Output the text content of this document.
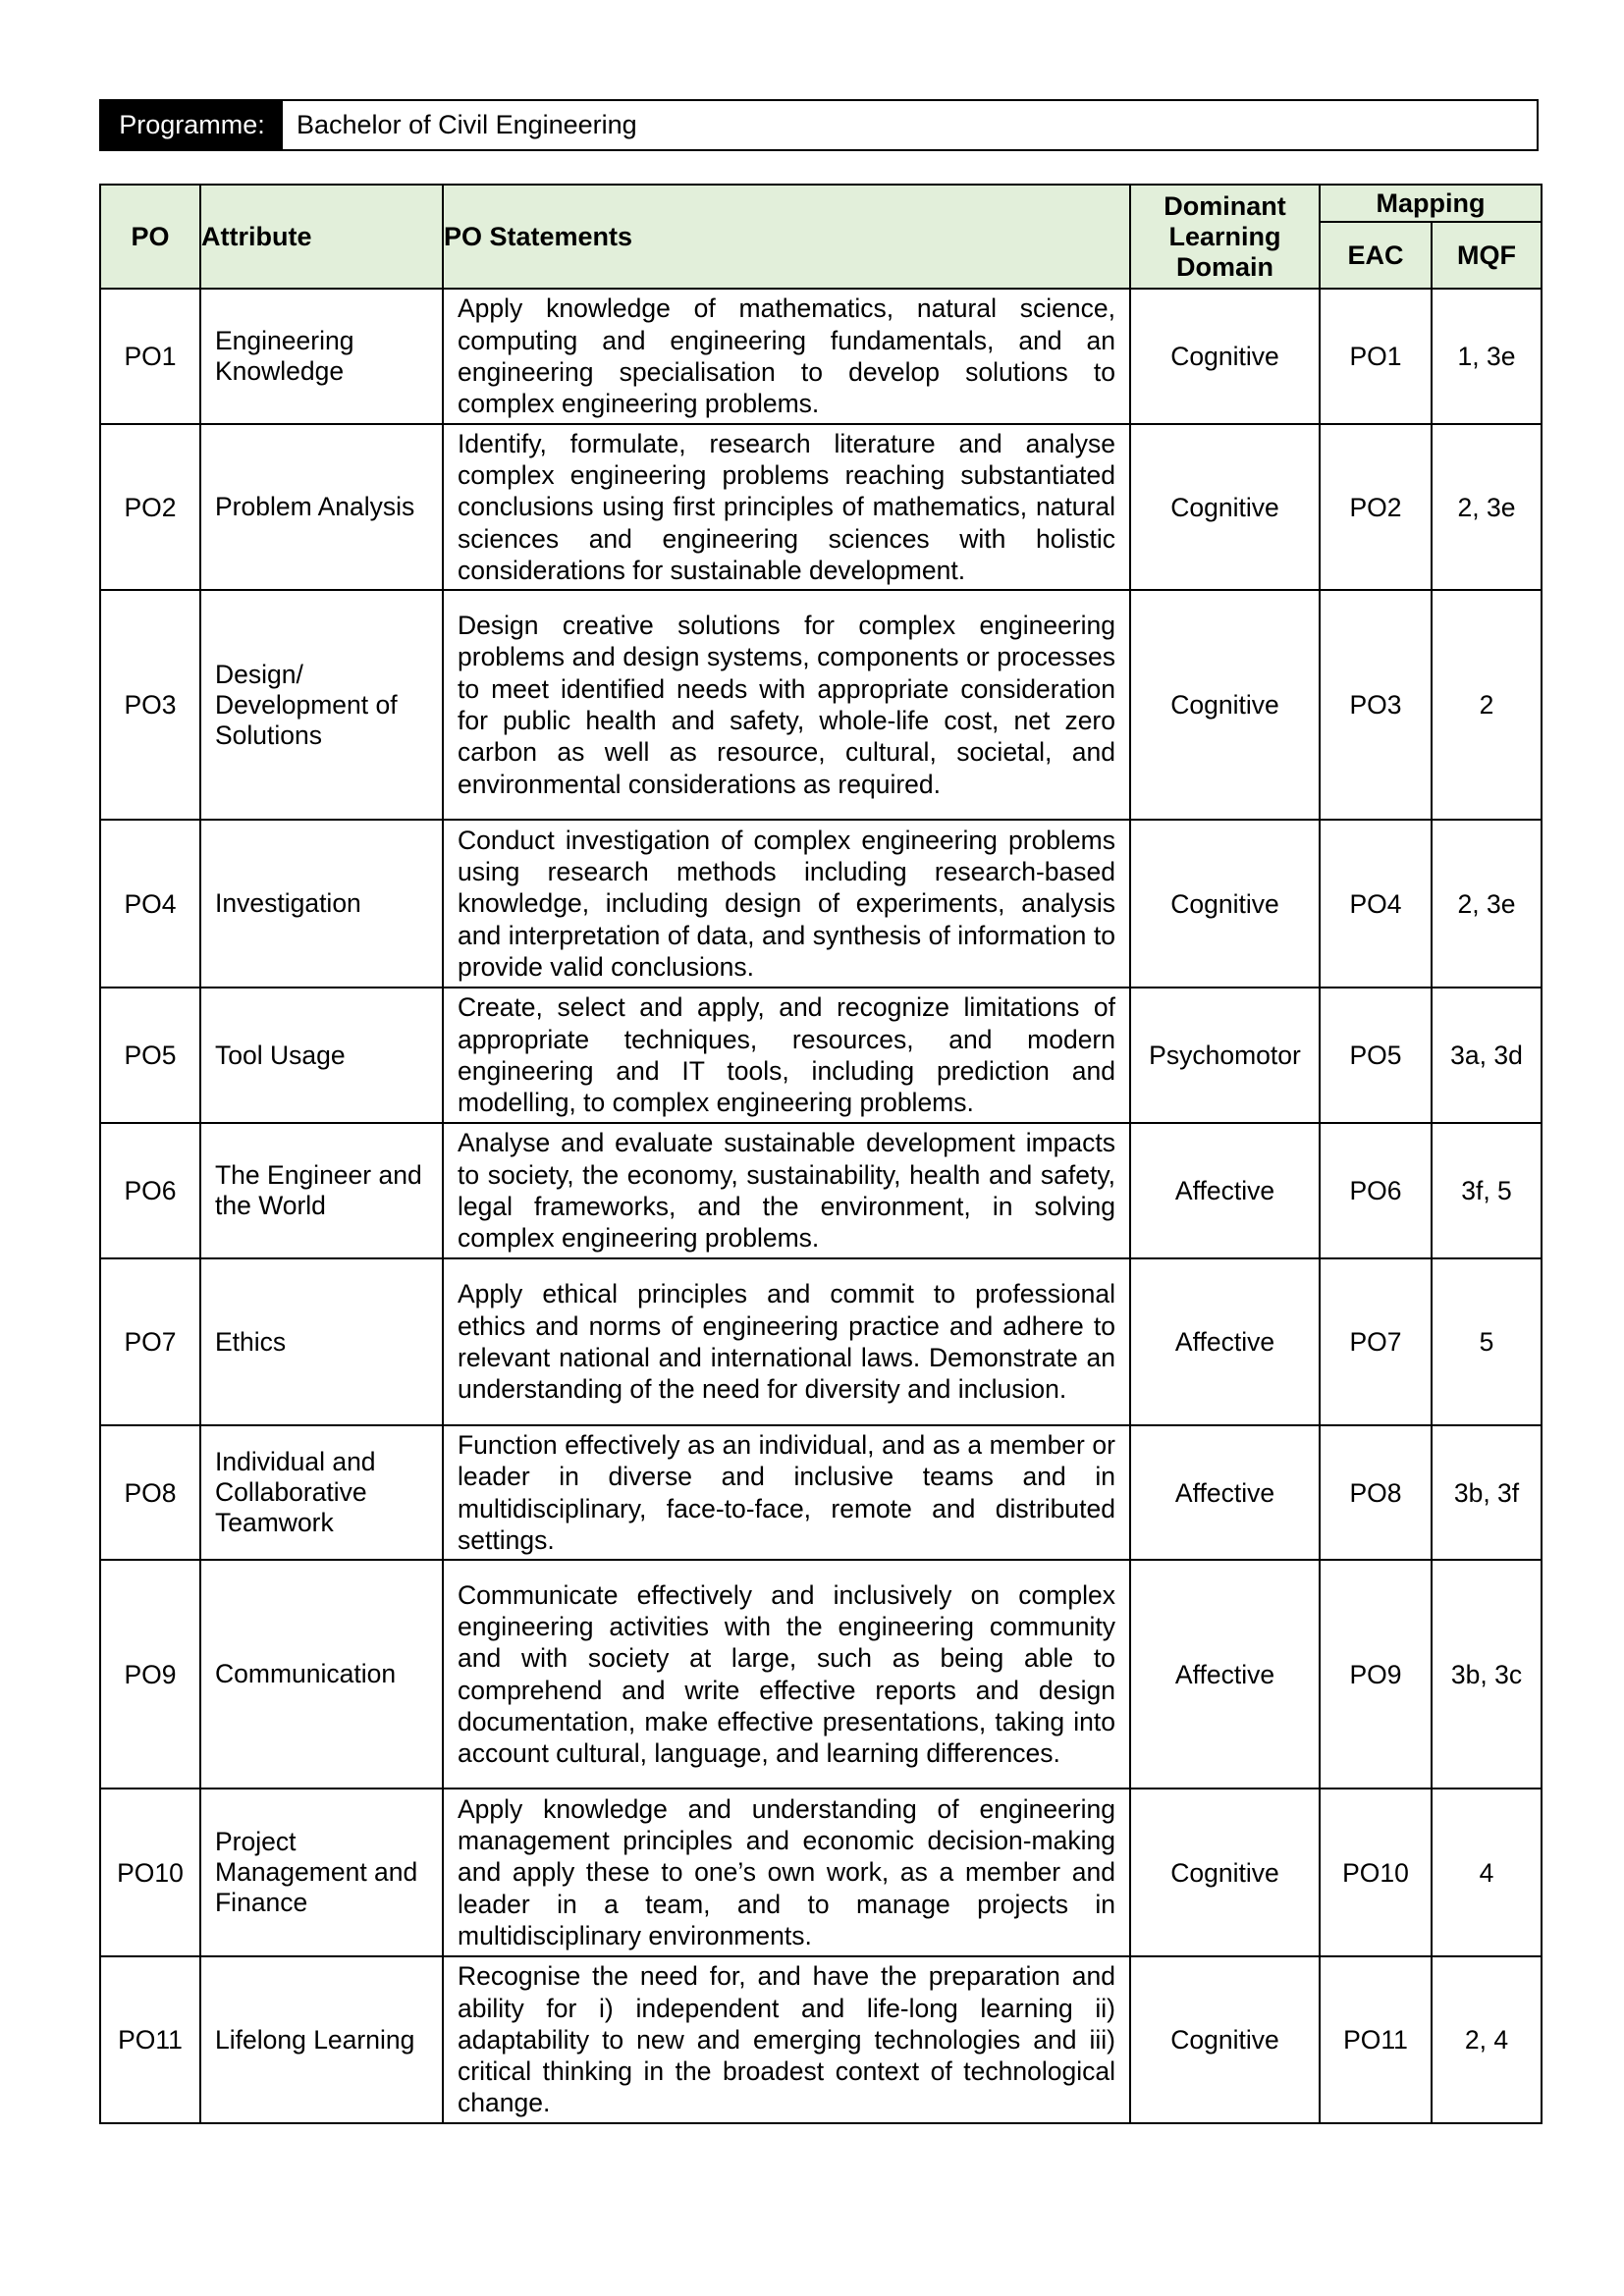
Programme:	Bachelor of Civil Engineering
PO	Attribute	PO Statements	Dominant Learning Domain	Mapping	
				EAC	MQF
PO1	Engineering Knowledge	Apply knowledge of mathematics, natural science, computing and engineering fundamentals, and an engineering specialisation to develop solutions to complex engineering problems.	Cognitive	PO1	1, 3e
PO2	Problem Analysis	Identify, formulate, research literature and analyse complex engineering problems reaching substantiated conclusions using first principles of mathematics, natural sciences and engineering sciences with holistic considerations for sustainable development.	Cognitive	PO2	2, 3e
PO3	Design/ Development of Solutions	Design creative solutions for complex engineering problems and design systems, components or processes to meet identified needs with appropriate consideration for public health and safety, whole-life cost, net zero carbon as well as resource, cultural, societal, and environmental considerations as required.	Cognitive	PO3	2
PO4	Investigation	Conduct investigation of complex engineering problems using research methods including research-based knowledge, including design of experiments, analysis and interpretation of data, and synthesis of information to provide valid conclusions.	Cognitive	PO4	2, 3e
PO5	Tool Usage	Create, select and apply, and recognize limitations of appropriate techniques, resources, and modern engineering and IT tools, including prediction and modelling, to complex engineering problems.	Psychomotor	PO5	3a, 3d
PO6	The Engineer and the World	Analyse and evaluate sustainable development impacts to society, the economy, sustainability, health and safety, legal frameworks, and the environment, in solving complex engineering problems.	Affective	PO6	3f, 5
PO7	Ethics	Apply ethical principles and commit to professional ethics and norms of engineering practice and adhere to relevant national and international laws. Demonstrate an understanding of the need for diversity and inclusion.	Affective	PO7	5
PO8	Individual and Collaborative Teamwork	Function effectively as an individual, and as a member or leader in diverse and inclusive teams and in multidisciplinary, face-to-face, remote and distributed settings.	Affective	PO8	3b, 3f
PO9	Communication	Communicate effectively and inclusively on complex engineering activities with the engineering community and with society at large, such as being able to comprehend and write effective reports and design documentation, make effective presentations, taking into account cultural, language, and learning differences.	Affective	PO9	3b, 3c
PO10	Project Management and Finance	Apply knowledge and understanding of engineering management principles and economic decision-making and apply these to one’s own work, as a member and leader in a team, and to manage projects in multidisciplinary environments.	Cognitive	PO10	4
PO11	Lifelong Learning	Recognise the need for, and have the preparation and ability for i) independent and life-long learning ii) adaptability to new and emerging technologies and iii) critical thinking in the broadest context of technological change.	Cognitive	PO11	2, 4
